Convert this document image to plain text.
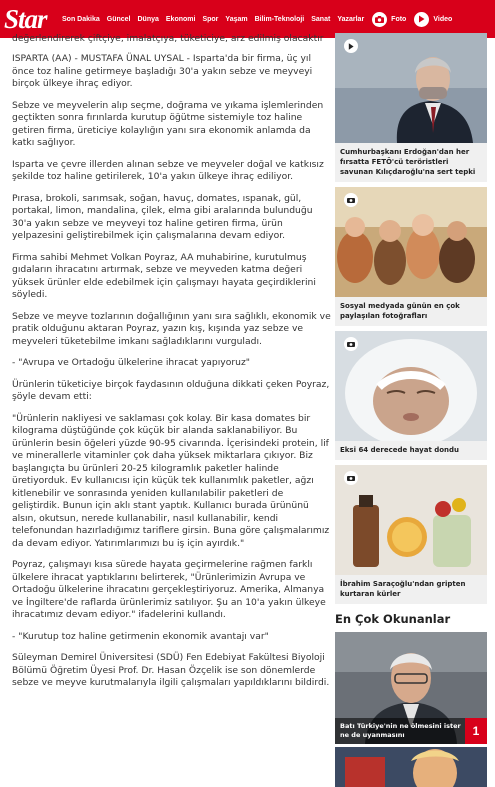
Star	Son Dakika Güncel Dünya Ekonomi Spor Yaşam Bilim-Teknoloji Sanat Yazarlar	Foto	Video

değerlendirerek çiftçiye, imalatçıya, tüketiciye, arz edilmiş olacaktır

ISPARTA (AA) - MUSTAFA ÜNAL UYSAL - Isparta'da bir firma, üç yıl önce toz haline getirmeye başladığı 30'a yakın sebze ve meyveyi birçok ülkeye ihraç ediyor.

Sebze ve meyvelerin alıp seçme, doğrama ve yıkama işlemlerinden geçtikten sonra fırınlarda kurutup öğütme sistemiyle toz haline getiren firma, üreticiye kolaylığın yanı sıra ekonomik anlamda da katkı sağlıyor.

Isparta ve çevre illerden alınan sebze ve meyveler doğal ve katkısız şekilde toz haline getirilerek, 10'a yakın ülkeye ihraç ediliyor.

Pırasa, brokoli, sarımsak, soğan, havuç, domates, ıspanak, gül, portakal, limon, mandalina, çilek, elma gibi aralarında bulunduğu 30'a yakın sebze ve meyveyi toz haline getiren firma, ürün yelpazesini geliştirebilmek için çalışmalarına devam ediyor.

Firma sahibi Mehmet Volkan Poyraz, AA muhabirine, kurutulmuş gıdaların ihracatını artırmak, sebze ve meyveden katma değeri yüksek ürünler elde edebilmek için çalışmayı hayata geçirdiklerini söyledi.

Sebze ve meyve tozlarının doğallığının yanı sıra sağlıklı, ekonomik ve pratik olduğunu aktaran Poyraz, yazın kış, kışında yaz sebze ve meyveleri tüketebilme imkanı sağladıklarını vurguladı.

- "Avrupa ve Ortadoğu ülkelerine ihracat yapıyoruz"

Ürünlerin tüketiciye birçok faydasının olduğuna dikkati çeken Poyraz, şöyle devam etti:

"Ürünlerin nakliyesi ve saklaması çok kolay. Bir kasa domates bir kilograma düştüğünde çok küçük bir alanda saklanabiliyor. Bu ürünlerin besin öğeleri yüzde 90-95 civarında. İçerisindeki protein, lif ve minerallerle vitaminler çok daha yüksek miktarlara çıkıyor. Biz başlangıçta bu ürünleri 20-25 kilogramlık paketler halinde üretiyorduk. Ev kullanıcısı için küçük tek kullanımlık paketler, ağzı kitlenebilir ve sonrasında yeniden kullanılabilir paketleri de geliştirdik. Bunun için aklı stant yaptık. Kullanıcı burada ürününü alsın, okutsun, nerede kullanabilir, nasıl kullanabilir, kendi telefonundan hazırladığımız tariflere girsin. Buna göre çalışmalarımız da devam ediyor. Yatırımlarımızı bu iş için ayırdık."

Poyraz, çalışmayı kısa sürede hayata geçirmelerine rağmen farklı ülkelere ihracat yaptıklarını belirterek, "Ürünlerimizin Avrupa ve Ortadoğu ülkelerine ihracatını gerçekleştiriyoruz. Amerika, Almanya ve İngiltere'de raflarda ürünlerimiz satılıyor. Şu an 10'a yakın ülkeye ihracatımız devam ediyor." ifadelerini kullandı.

- "Kurutup toz haline getirmenin ekonomik avantajı var"

Süleyman Demirel Üniversitesi (SDÜ) Fen Edebiyat Fakültesi Biyoloji Bölümü Öğretim Üyesi Prof. Dr. Hasan Özçelik ise son dönemlerde sebze ve meyve kurutmalarıyla ilgili çalışmaları yapıldıklarını bildirdi.

Cumhurbaşkanı Erdoğan'dan her fırsatta FETÖ'cü teröristleri savunan Kılıçdaroğlu'na sert tepki
Sosyal medyada günün en çok paylaşılan fotoğrafları
Eksi 64 derecede hayat dondu
İbrahim Saraçoğlu'ndan gripten kurtaran kürler
En Çok Okunanlar
Batı Türkiye'nin ne ölmesini ister ne de uyanmasını	1
